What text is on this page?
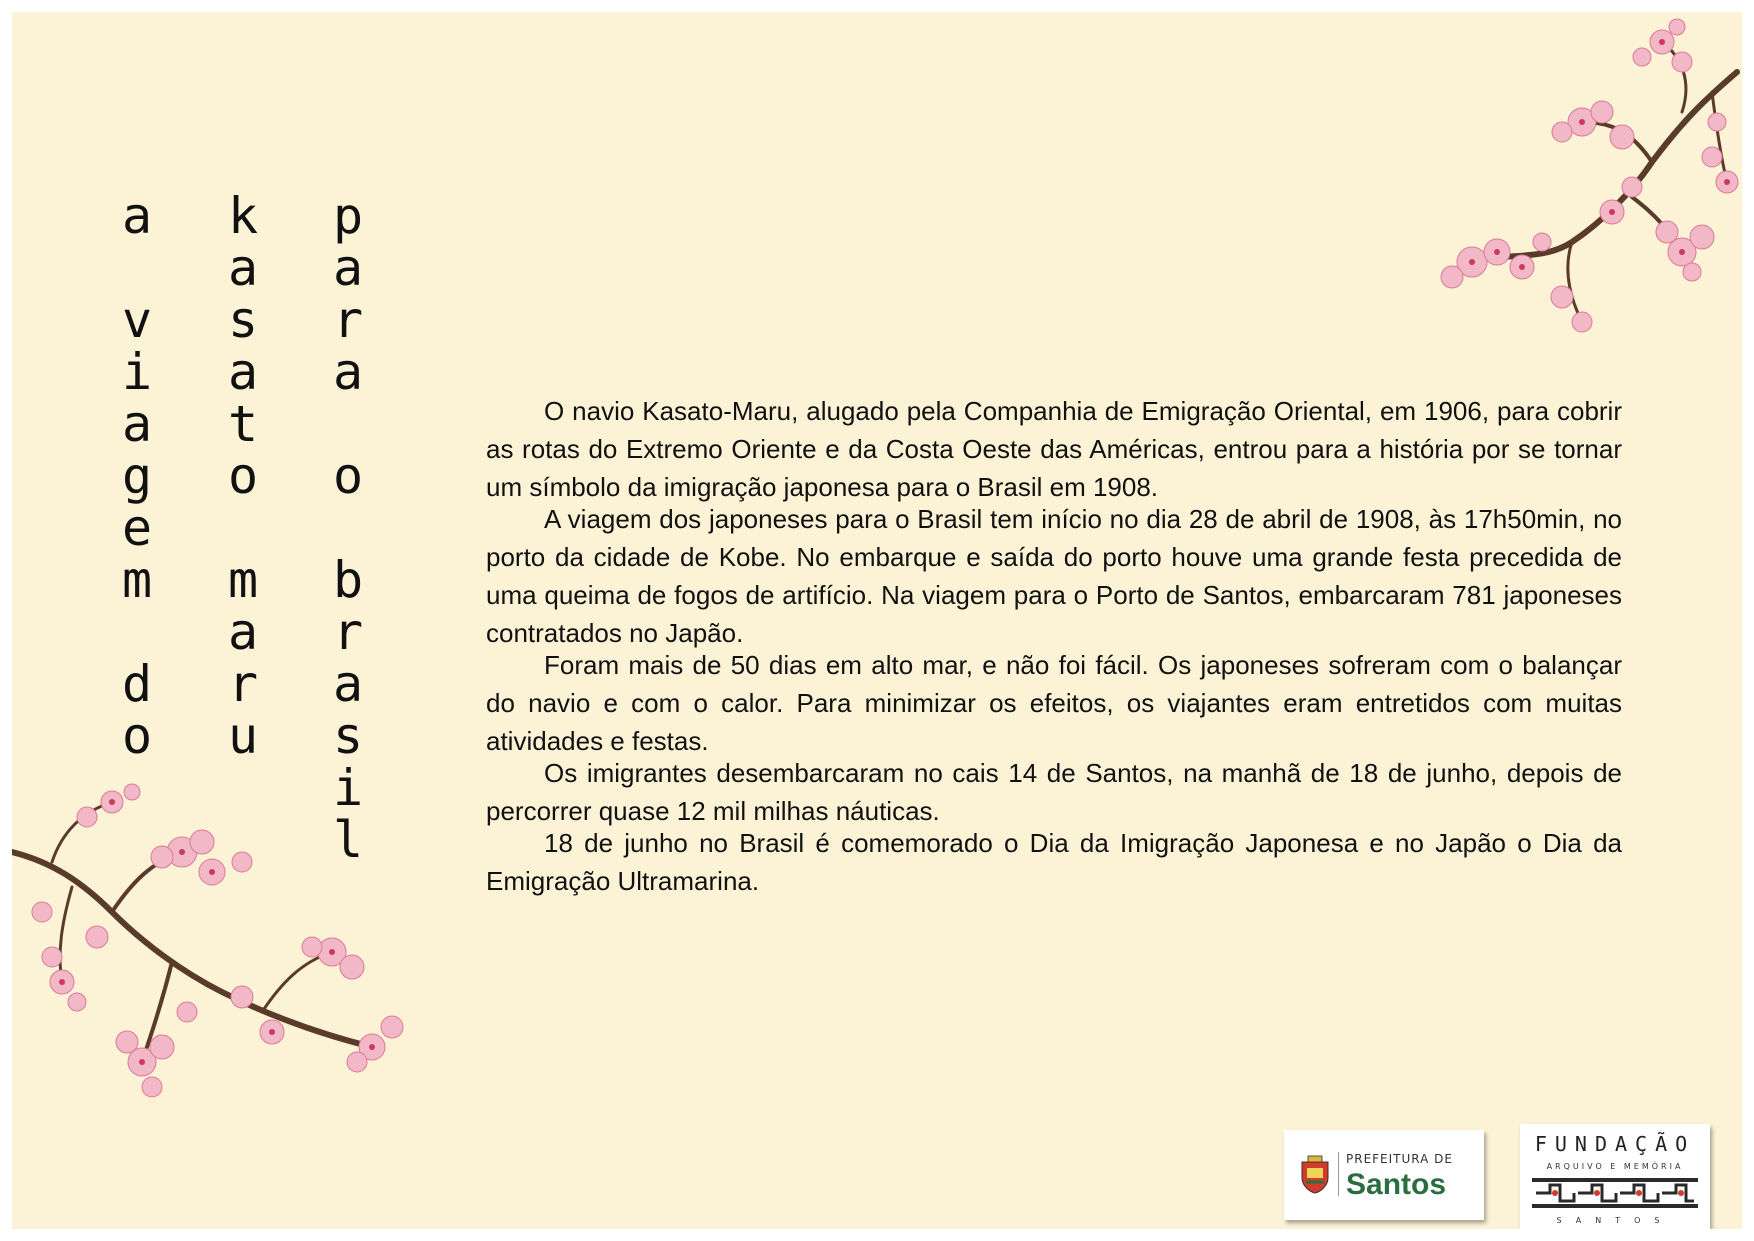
a

v
i
a
g
e
m

d
o
k
a
s
a
t
o

m
a
r
u
p
a
r
a

o

b
r
a
s
i
l

O navio Kasato-Maru, alugado pela Companhia de Emigração Oriental, em 1906, para cobrir as rotas do Extremo Oriente e da Costa Oeste das Américas, entrou para a história por se tornar um símbolo da imigração japonesa para o Brasil em 1908.

A viagem dos japoneses para o Brasil tem início no dia 28 de abril de 1908, às 17h50min, no porto da cidade de Kobe. No embarque e saída do porto houve uma grande festa precedida de uma queima de fogos de artifício. Na viagem para o Porto de Santos, embarcaram 781 japoneses contratados no Japão.

Foram mais de 50 dias em alto mar, e não foi fácil. Os japoneses sofreram com o balançar do navio e com o calor. Para minimizar os efeitos, os viajantes eram entretidos com muitas atividades e festas.

Os imigrantes desembarcaram no cais 14 de Santos, na manhã de 18 de junho, depois de percorrer quase 12 mil milhas náuticas.

18 de junho no Brasil é comemorado o Dia da Imigração Japonesa e no Japão o Dia da Emigração Ultramarina.

PREFEITURA DE
Santos
FUNDAÇÃO
ARQUIVO E MEMÓRIA
SANTOS
